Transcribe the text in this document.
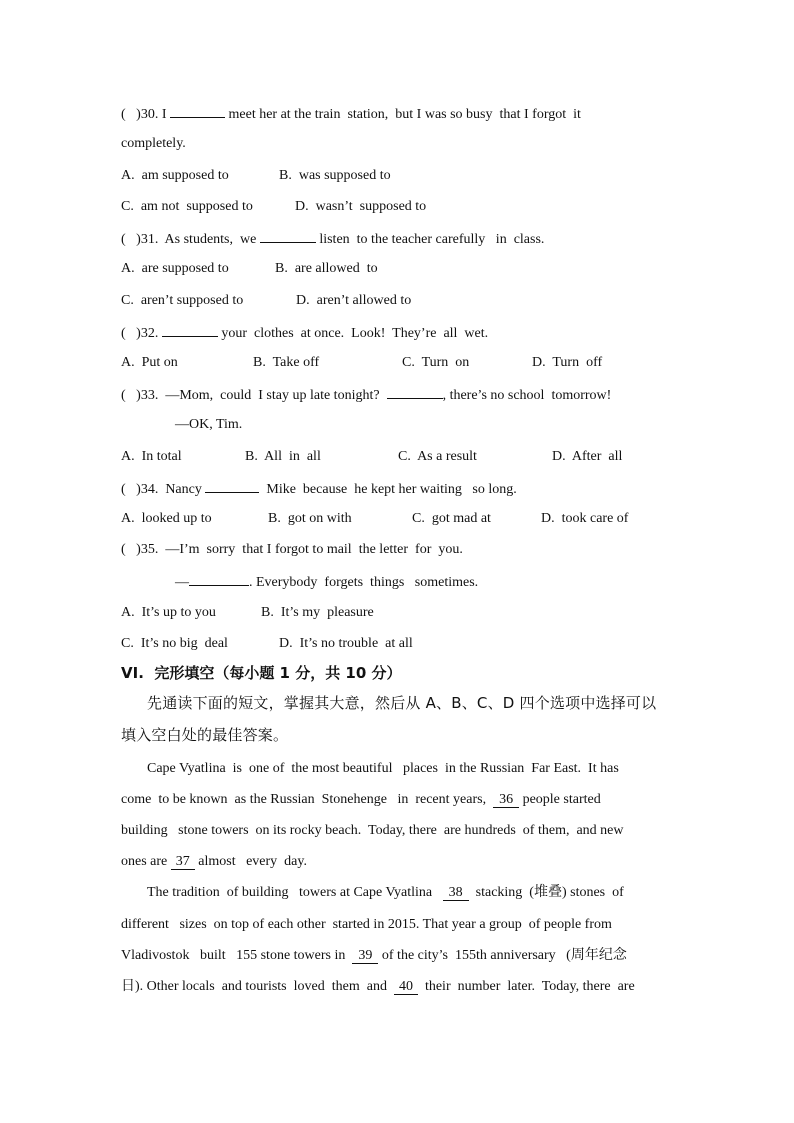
(   )30. I	meet her at the train  station,  but I was so busy  that I forgot  it
completely.
A.  am supposed to	B.  was supposed to
C.  am not  supposed to	D.  wasn’t  supposed to
(   )31.  As students,  we	listen  to the teacher carefully   in  class.
A.  are supposed to	B.  are allowed  to
C.  aren’t supposed to	D.  aren’t allowed to
(   )32.	your  clothes  at once.  Look!  They’re  all  wet.
A.  Put on	B.  Take off	C.  Turn  on	D.  Turn  off
(   )33.  —Mom,  could  I stay up late tonight?	, there’s no school  tomorrow!
—OK, Tim.
A.  In total	B.  All  in  all	C.  As a result	D.  After  all
(   )34.  Nancy	Mike  because  he kept her waiting   so long.
A.  looked up to	B.  got on with	C.  got mad at	D.  took care of
(   )35.  —I’m  sorry  that I forgot to mail  the letter  for  you.
—	. Everybody  forgets  things   sometimes.
A.  It’s up to you	B.  It’s my  pleasure
C.  It’s no big  deal	D.  It’s no trouble  at all
VI.  完形填空（每小题 1 分，共 10 分）
先通读下面的短文，掌握其大意，然后从 A、B、C、D 四个选项中选择可以
填入空白处的最佳答案。
Cape Vyatlina  is  one of  the most beautiful   places  in the Russian  Far East.  It has
come  to be known  as the Russian  Stonehenge   in  recent years,  36 people started
building   stone towers  on its rocky beach.  Today, there  are hundreds  of them,  and new
ones are 37 almost   every  day.
The tradition  of building   towers at Cape Vyatlina   38  stacking  (堆叠) stones  of
different   sizes  on top of each other  started in 2015. That year a group  of people from
Vladivostok   built   155 stone towers in  39 of the city’s  155th anniversary   (周年纪念
日). Other locals  and tourists  loved  them  and  40  their  number  later.  Today, there  are
